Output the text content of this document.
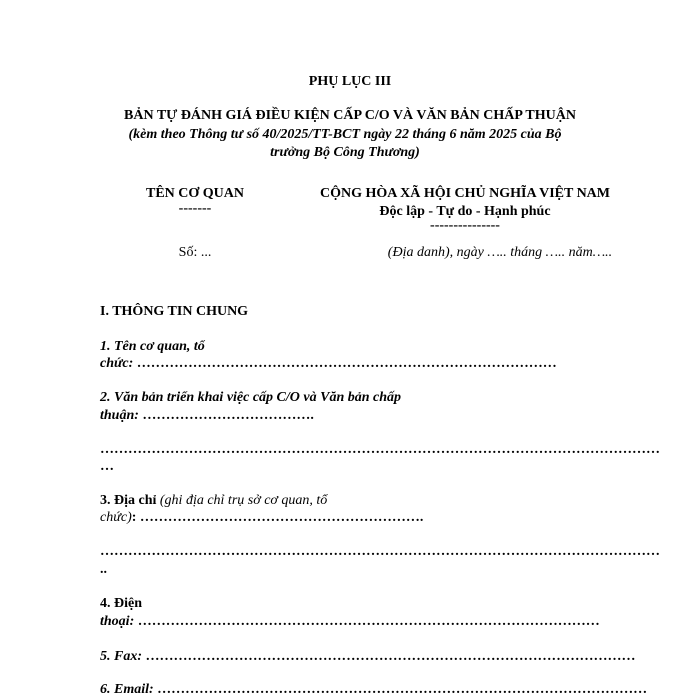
PHỤ LỤC III
BẢN TỰ ĐÁNH GIÁ ĐIỀU KIỆN CẤP C/O VÀ VĂN BẢN CHẤP THUẬN
(kèm theo Thông tư số 40/2025/TT-BCT ngày 22 tháng 6 năm 2025 của Bộ trưởng Bộ Công Thương)
TÊN CƠ QUAN
-------
CỘNG HÒA XÃ HỘI CHỦ NGHĨA VIỆT NAM
Độc lập - Tự do - Hạnh phúc
---------------
Số: ...	(Địa danh), ngày ….. tháng ….. năm…..
I. THÔNG TIN CHUNG
1. Tên cơ quan, tổ
chức: ………………………………………………………………………………
2. Văn bản triển khai việc cấp C/O và Văn bản chấp
thuận: ……………………………….
…………………………………………………………………………………………………………
…
3. Địa chỉ (ghi địa chỉ trụ sở cơ quan, tổ
chức): …………………………………………………….
…………………………………………………………………………………………………………
..
4. Điện
thoại: ………………………………………………………………………………………
5. Fax: ……………………………………………………………………………………………
6. Email: ……………………………………………………………………………………………
